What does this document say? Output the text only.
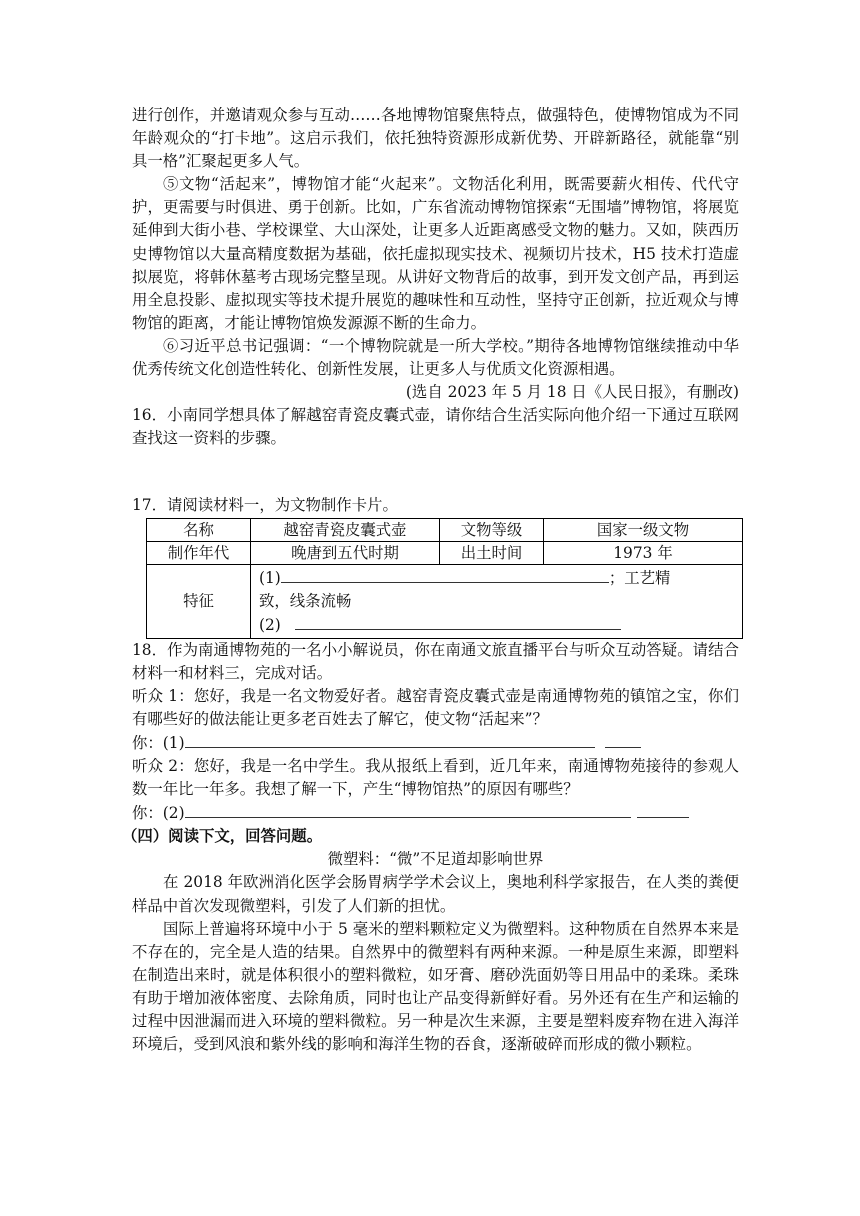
进行创作，并邀请观众参与互动……各地博物馆聚焦特点，做强特色，使博物馆成为不同年龄观众的“打卡地”。这启示我们，依托独特资源形成新优势、开辟新路径，就能靠“别具一格”汇聚起更多人气。

⑤文物“活起来”，博物馆才能“火起来”。文物活化利用，既需要薪火相传、代代守护，更需要与时俱进、勇于创新。比如，广东省流动博物馆探索“无围墙”博物馆，将展览延伸到大街小巷、学校课堂、大山深处，让更多人近距离感受文物的魅力。又如，陕西历史博物馆以大量高精度数据为基础，依托虚拟现实技术、视频切片技术，H5 技术打造虚拟展览，将韩休墓考古现场完整呈现。从讲好文物背后的故事，到开发文创产品，再到运用全息投影、虚拟现实等技术提升展览的趣味性和互动性，坚持守正创新，拉近观众与博物馆的距离，才能让博物馆焕发源源不断的生命力。

⑥习近平总书记强调：“一个博物院就是一所大学校。”期待各地博物馆继续推动中华优秀传统文化创造性转化、创新性发展，让更多人与优质文化资源相遇。

(选自 2023 年 5 月 18 日《人民日报》，有删改)

16．小南同学想具体了解越窑青瓷皮囊式壶，请你结合生活实际向他介绍一下通过互联网查找这一资料的步骤。

17．请阅读材料一，为文物制作卡片。

名称	越窑青瓷皮囊式壶	文物等级	国家一级文物
制作年代	晚唐到五代时期	出土时间	1973 年
特征	(1) ；工艺精
致，线条流畅
(2)		

18．作为南通博物苑的一名小小解说员，你在南通文旅直播平台与听众互动答疑。请结合材料一和材料三，完成对话。

听众 1：您好，我是一名文物爱好者。越窑青瓷皮囊式壶是南通博物苑的镇馆之宝，你们有哪些好的做法能让更多老百姓去了解它，使文物“活起来”？

你：(1)

听众 2：您好，我是一名中学生。我从报纸上看到，近几年来，南通博物苑接待的参观人数一年比一年多。我想了解一下，产生“博物馆热”的原因有哪些？

你：(2)

（四）阅读下文，回答问题。

微塑料：“微”不足道却影响世界

在 2018 年欧洲消化医学会肠胃病学学术会议上，奥地利科学家报告，在人类的粪便样品中首次发现微塑料，引发了人们新的担忧。

国际上普遍将环境中小于 5 毫米的塑料颗粒定义为微塑料。这种物质在自然界本来是不存在的，完全是人造的结果。自然界中的微塑料有两种来源。一种是原生来源，即塑料在制造出来时，就是体积很小的塑料微粒，如牙膏、磨砂洗面奶等日用品中的柔珠。柔珠有助于增加液体密度、去除角质，同时也让产品变得新鲜好看。另外还有在生产和运输的过程中因泄漏而进入环境的塑料微粒。另一种是次生来源，主要是塑料废弃物在进入海洋环境后，受到风浪和紫外线的影响和海洋生物的吞食，逐渐破碎而形成的微小颗粒。
